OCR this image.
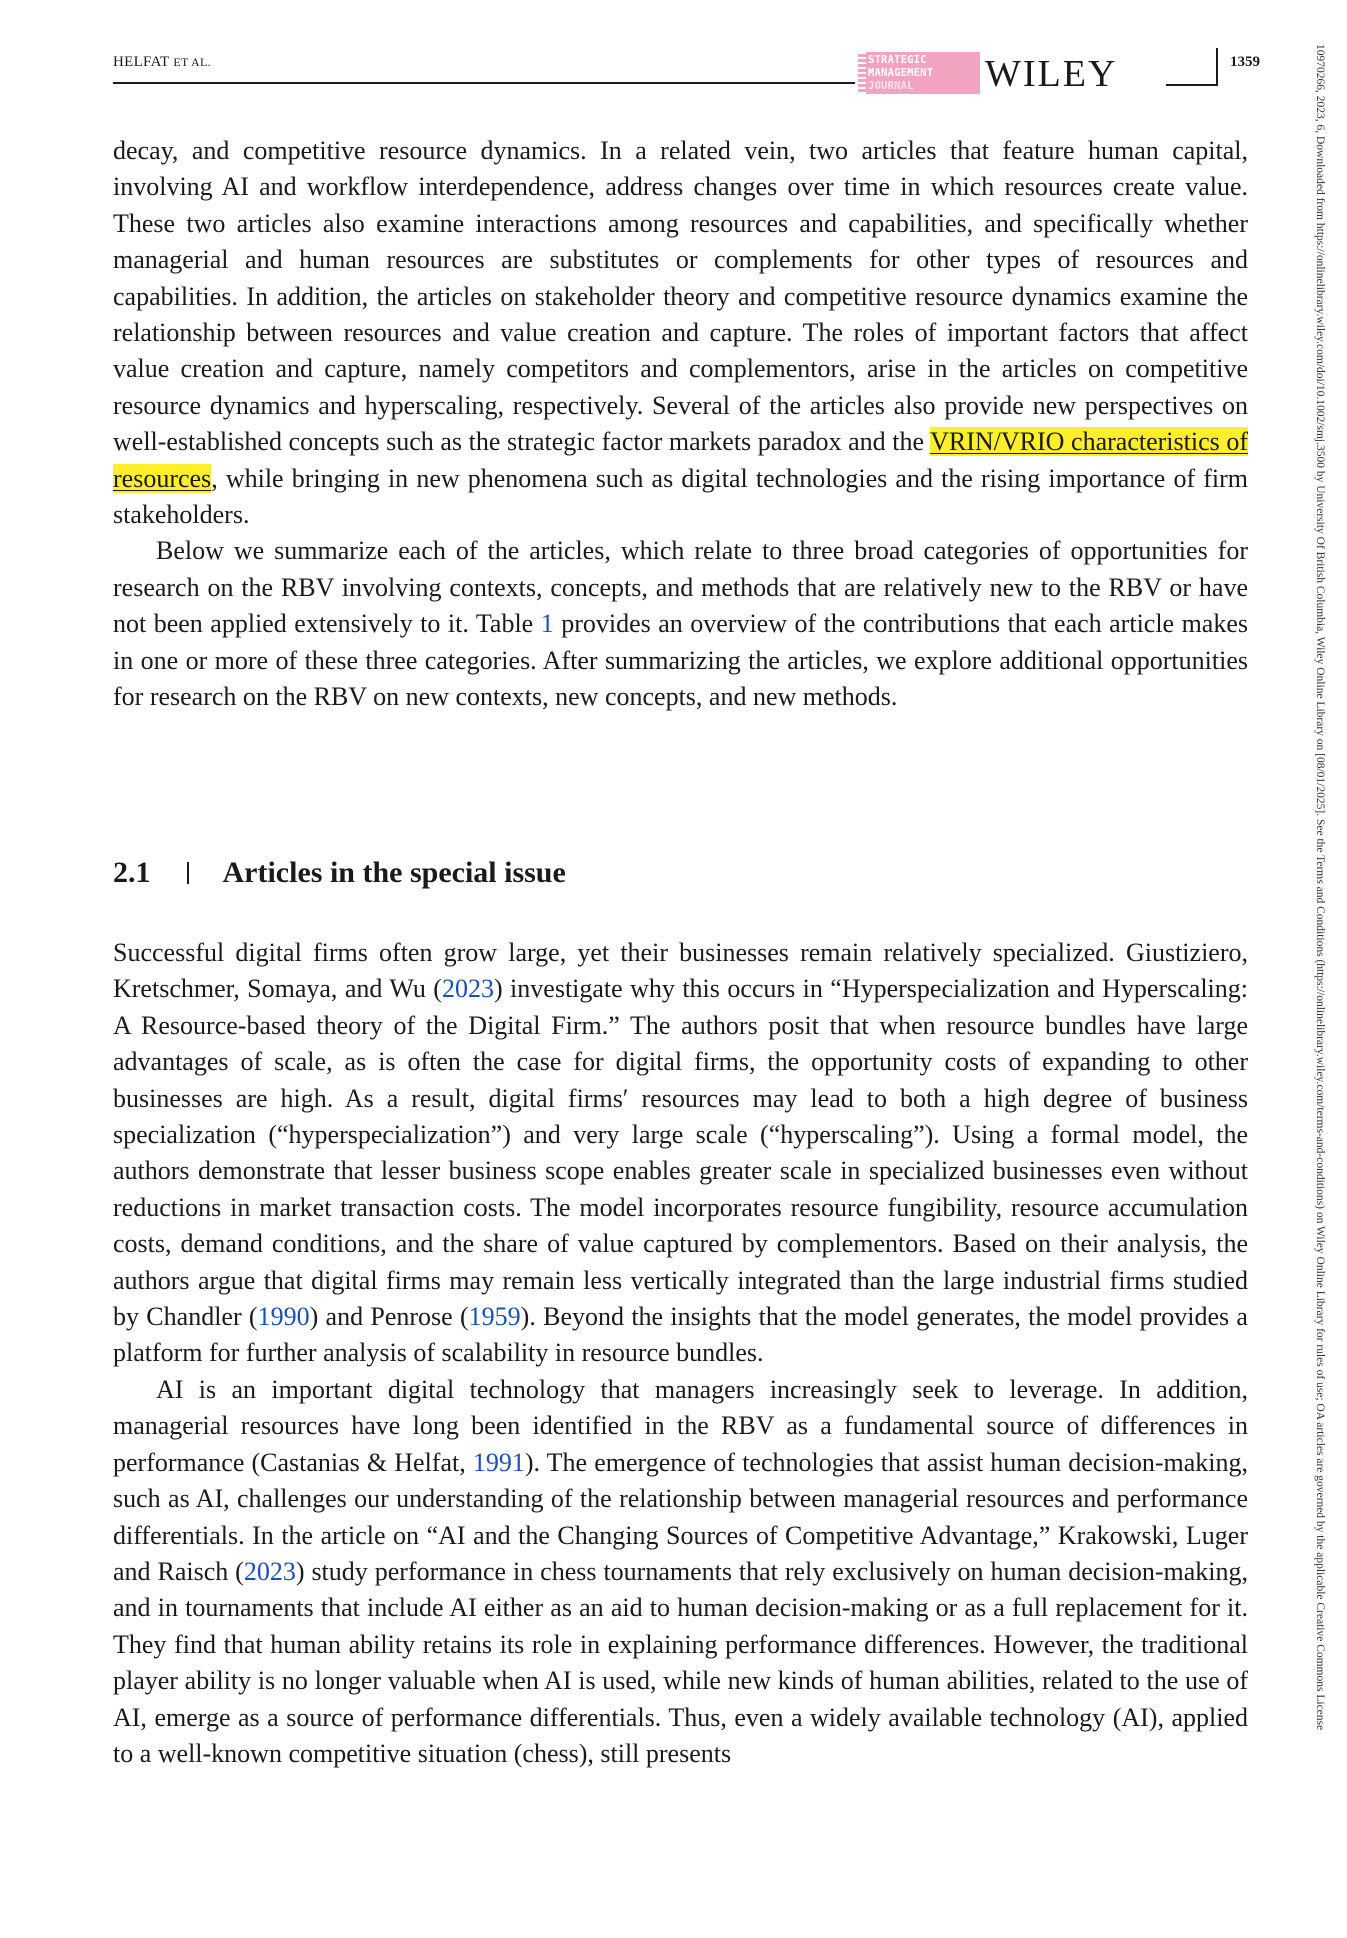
HELFAT ET AL.	STRATEGIC
MANAGEMENT
JOURNAL	WILEY	1359	10970266, 2023, 6, Downloaded from https://onlinelibrary.wiley.com/doi/10.1002/smj.3500 by University Of British Columbia, Wiley Online Library on [08/01/2025]. See the Terms and Conditions (https://onlinelibrary.wiley.com/terms-and-conditions) on Wiley Online Library for rules of use; OA articles are governed by the applicable Creative Commons License

decay, and competitive resource dynamics. In a related vein, two articles that feature human capital, involving AI and workflow interdependence, address changes over time in which resources create value. These two articles also examine interactions among resources and capabilities, and specifically whether managerial and human resources are substitutes or complements for other types of resources and capabilities. In addition, the articles on stakeholder theory and competitive resource dynamics examine the relationship between resources and value creation and capture. The roles of important factors that affect value creation and capture, namely competitors and complementors, arise in the articles on competitive resource dynamics and hyperscaling, respectively. Several of the articles also provide new perspectives on well-established concepts such as the strategic factor markets paradox and the VRIN/VRIO characteristics of resources, while bringing in new phenomena such as digital technologies and the rising importance of firm stakeholders.

Below we summarize each of the articles, which relate to three broad categories of opportunities for research on the RBV involving contexts, concepts, and methods that are relatively new to the RBV or have not been applied extensively to it. Table 1 provides an overview of the contributions that each article makes in one or more of these three categories. After summarizing the articles, we explore additional opportunities for research on the RBV on new contexts, new concepts, and new methods.

2.1 Articles in the special issue

Successful digital firms often grow large, yet their businesses remain relatively specialized. Giustiziero, Kretschmer, Somaya, and Wu (2023) investigate why this occurs in “Hyperspecialization and Hyperscaling: A Resource-based theory of the Digital Firm.” The authors posit that when resource bundles have large advantages of scale, as is often the case for digital firms, the opportunity costs of expanding to other businesses are high. As a result, digital firms′ resources may lead to both a high degree of business specialization (“hyperspecialization”) and very large scale (“hyperscaling”). Using a formal model, the authors demonstrate that lesser business scope enables greater scale in specialized businesses even without reductions in market transaction costs. The model incorporates resource fungibility, resource accumulation costs, demand conditions, and the share of value captured by complementors. Based on their analysis, the authors argue that digital firms may remain less vertically integrated than the large industrial firms studied by Chandler (1990) and Penrose (1959). Beyond the insights that the model generates, the model provides a platform for further analysis of scalability in resource bundles.

AI is an important digital technology that managers increasingly seek to leverage. In addition, managerial resources have long been identified in the RBV as a fundamental source of differences in performance (Castanias & Helfat, 1991). The emergence of technologies that assist human decision-making, such as AI, challenges our understanding of the relationship between managerial resources and performance differentials. In the article on “AI and the Changing Sources of Competitive Advantage,” Krakowski, Luger and Raisch (2023) study performance in chess tournaments that rely exclusively on human decision-making, and in tournaments that include AI either as an aid to human decision-making or as a full replacement for it. They find that human ability retains its role in explaining performance differences. However, the traditional player ability is no longer valuable when AI is used, while new kinds of human abilities, related to the use of AI, emerge as a source of performance differentials. Thus, even a widely available technology (AI), applied to a well-known competitive situation (chess), still presents
